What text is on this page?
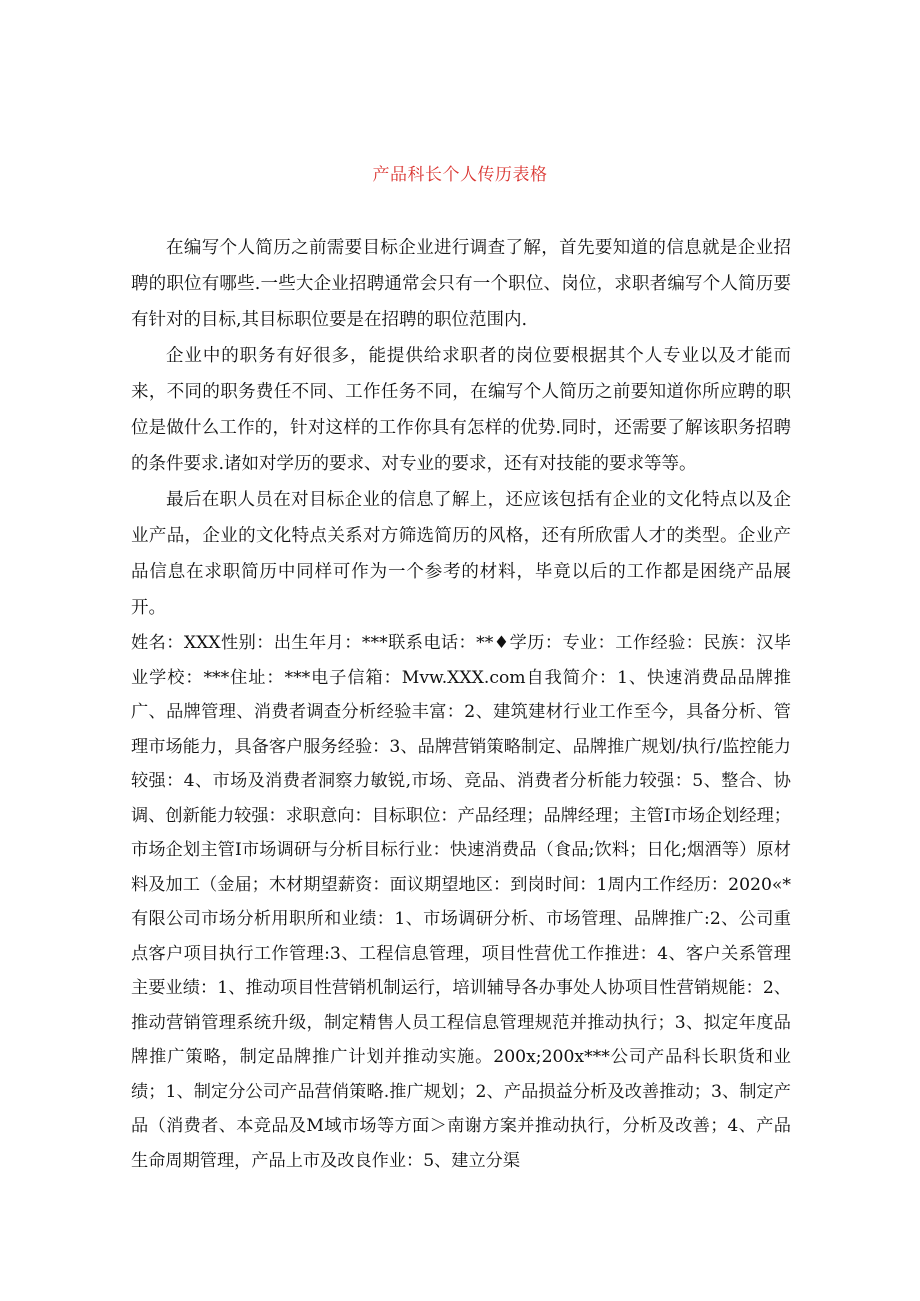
产品科长个人传历表格

在编写个人简历之前需要目标企业进行调查了解，首先要知道的信息就是企业招聘的职位有哪些.一些大企业招聘通常会只有一个职位、岗位，求职者编写个人简历要有针对的目标,其目标职位要是在招聘的职位范围内.

企业中的职务有好很多，能提供给求职者的岗位要根据其个人专业以及才能而来，不同的职务费任不同、工作任务不同，在编写个人简历之前要知道你所应聘的职位是做什么工作的，针对这样的工作你具有怎样的优势.同时，还需要了解该职务招聘的条件要求.诸如对学历的要求、对专业的要求，还有对技能的要求等等。

最后在职人员在对目标企业的信息了解上，还应该包括有企业的文化特点以及企业产品，企业的文化特点关系对方筛选简历的风格，还有所欣雷人才的类型。企业产品信息在求职简历中同样可作为一个参考的材料，毕竟以后的工作都是困绕产品展开。

姓名：XXX性别：出生年月：***联系电话：**♦学历：专业：工作经验：民族：汉毕业学校：***住址：***电子信箱：Mvw.XXX.com自我简介：1、快速消费品品牌推广、品牌管理、消费者调查分析经验丰富：2、建筑建材行业工作至今，具备分析、管理市场能力，具备客户服务经验：3、品牌营销策略制定、品牌推广规划/执行/监控能力较强：4、市场及消费者洞察力敏锐,市场、竞品、消费者分析能力较强：5、整合、协调、创新能力较强：求职意向：目标职位：产品经理；品牌经理；主管I市场企划经理；市场企划主管I市场调研与分析目标行业：快速消费品（食品;饮料；日化;烟酒等）原材料及加工（金届；木材期望薪资：面议期望地区：到岗时间：1周内工作经历：2020«*有限公司市场分析用职所和业绩：1、市场调研分析、市场管理、品牌推广:2、公司重点客户项目执行工作管理:3、工程信息管理，项目性营优工作推进：4、客户关系管理主要业绩：1、推动项目性营销机制运行，培训辅导各办事处人协项目性营销规能：2、推动营销管理系统升级，制定精售人员工程信息管理规范并推动执行；3、拟定年度品牌推广策略，制定品牌推广计划并推动实施。200x;200x***公司产品科长职货和业绩；1、制定分公司产品营俏策略.推广规划；2、产品损益分析及改善推动；3、制定产品（消费者、本竞品及M域市场等方面＞南谢方案并推动执行，分析及改善；4、产品生命周期管理，产品上市及改良作业：5、建立分渠
